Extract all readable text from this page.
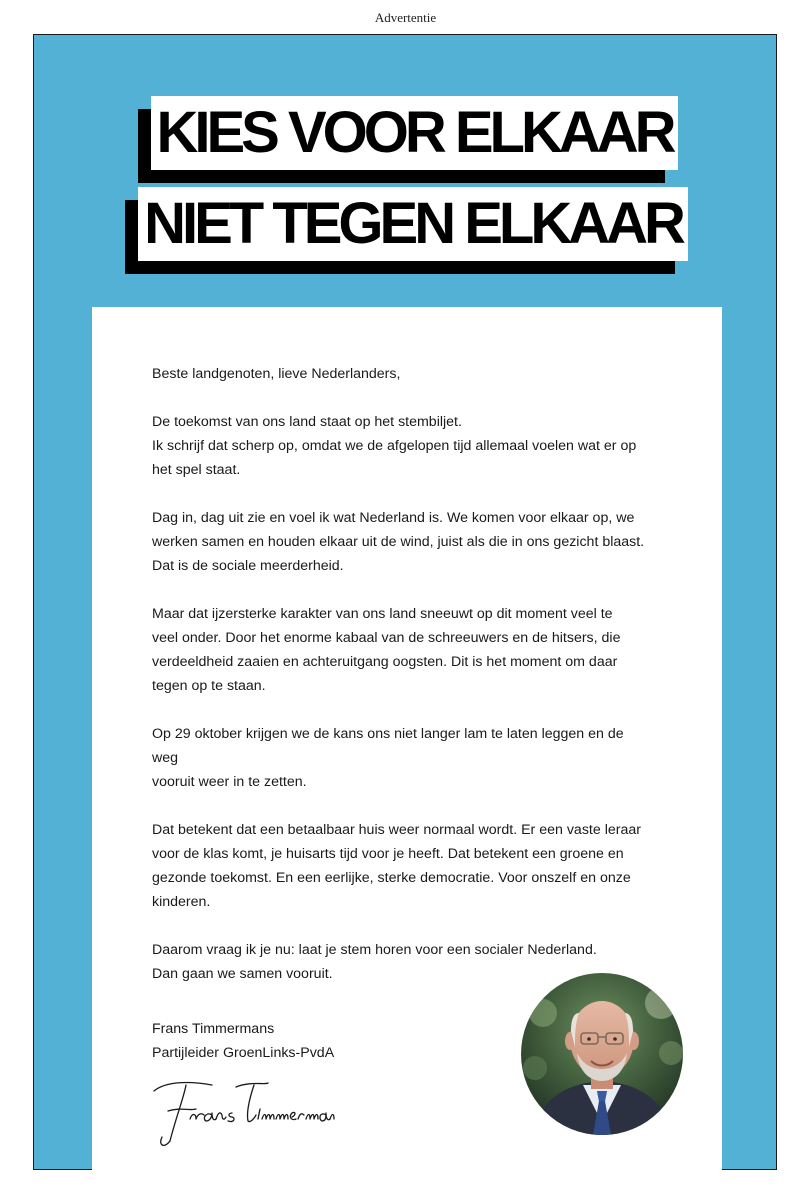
Advertentie
KIES VOOR ELKAAR
NIET TEGEN ELKAAR

Beste landgenoten, lieve Nederlanders,

De toekomst van ons land staat op het stembiljet.
Ik schrijf dat scherp op, omdat we de afgelopen tijd allemaal voelen wat er op
het spel staat.

Dag in, dag uit zie en voel ik wat Nederland is. We komen voor elkaar op, we
werken samen en houden elkaar uit de wind, juist als die in ons gezicht blaast.
Dat is de sociale meerderheid.

Maar dat ijzersterke karakter van ons land sneeuwt op dit moment veel te
veel onder. Door het enorme kabaal van de schreeuwers en de hitsers, die
verdeeldheid zaaien en achteruitgang oogsten. Dit is het moment om daar
tegen op te staan.

Op 29 oktober krijgen we de kans ons niet langer lam te laten leggen en de weg
vooruit weer in te zetten.

Dat betekent dat een betaalbaar huis weer normaal wordt. Er een vaste leraar
voor de klas komt, je huisarts tijd voor je heeft. Dat betekent een groene en
gezonde toekomst. En een eerlijke, sterke democratie. Voor onszelf en onze
kinderen.

Daarom vraag ik je nu: laat je stem horen voor een socialer Nederland.
Dan gaan we samen vooruit.

Frans Timmermans
Partijleider GroenLinks-PvdA
